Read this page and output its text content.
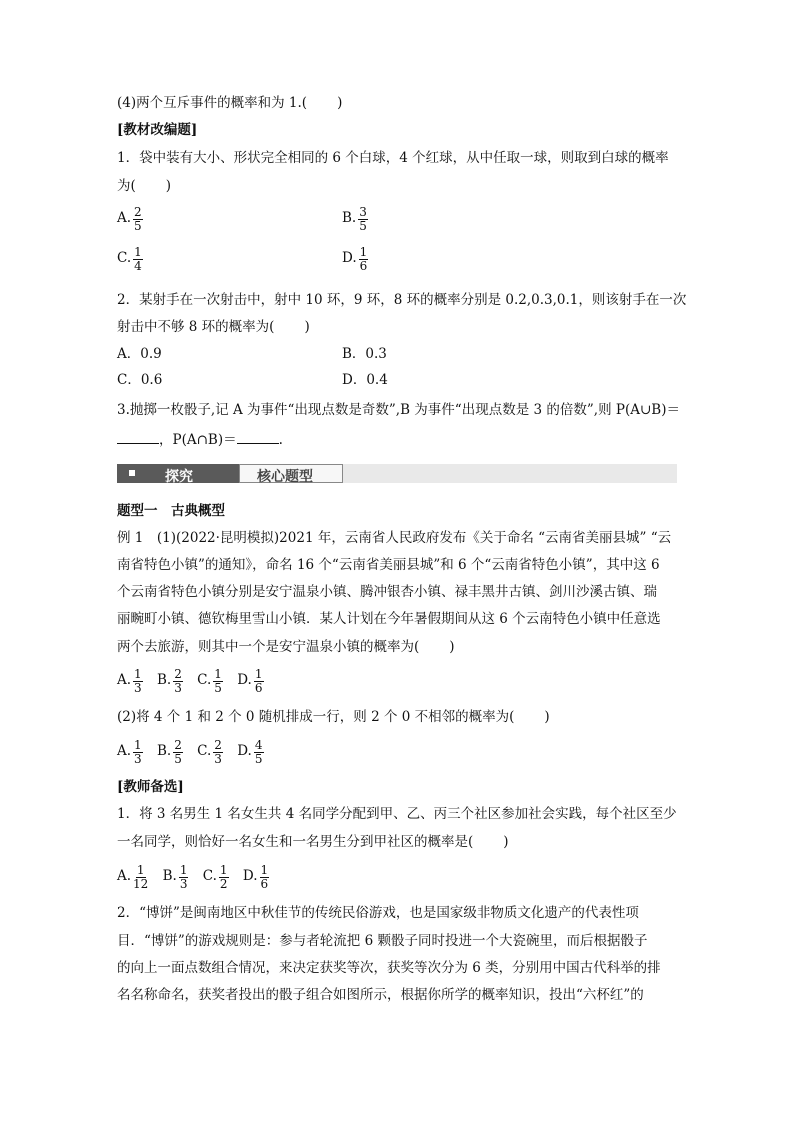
(4)两个互斥事件的概率和为 1.( )
[教材改编题]
1．袋中装有大小、形状完全相同的 6 个白球，4 个红球，从中任取一球，则取到白球的概率
为( )
A. $\frac{2}{5}$	B. $\frac{3}{5}$
C. $\frac{1}{4}$	D. $\frac{1}{6}$
2．某射手在一次射击中，射中 10 环，9 环，8 环的概率分别是 0.2,0.3,0.1，则该射手在一次
射击中不够 8 环的概率为( )
A．0.9	B．0.3
C．0.6	D．0.4
3.抛掷一枚骰子,记 A 为事件“出现点数是奇数”,B 为事件“出现点数是 3 的倍数”,则 P(A∪B)＝
，P(A∩B)＝	.
探究	核心题型
题型一　古典概型
例 1　(1)(2022·昆明模拟)2021 年，云南省人民政府发布《关于命名 “云南省美丽县城” “云
南省特色小镇”的通知》，命名 16 个“云南省美丽县城”和 6 个“云南省特色小镇”，其中这 6
个云南省特色小镇分别是安宁温泉小镇、腾冲银杏小镇、禄丰黑井古镇、剑川沙溪古镇、瑞
丽畹町小镇、德钦梅里雪山小镇．某人计划在今年暑假期间从这 6 个云南特色小镇中任意选
两个去旅游，则其中一个是安宁温泉小镇的概率为( )
A. $\frac{1}{3}$
B. $\frac{2}{3}$
C. $\frac{1}{5}$
D. $\frac{1}{6}$
(2)将 4 个 1 和 2 个 0 随机排成一行，则 2 个 0 不相邻的概率为( )
A. $\frac{1}{3}$
B. $\frac{2}{5}$
C. $\frac{2}{3}$
D. $\frac{4}{5}$
[教师备选]
1．将 3 名男生 1 名女生共 4 名同学分配到甲、乙、丙三个社区参加社会实践，每个社区至少
一名同学，则恰好一名女生和一名男生分到甲社区的概率是( )
A. $\frac{1}{12}$
B. $\frac{1}{3}$
C. $\frac{1}{2}$
D. $\frac{1}{6}$
2．“博饼”是闽南地区中秋佳节的传统民俗游戏，也是国家级非物质文化遗产的代表性项
目．“博饼”的游戏规则是：参与者轮流把 6 颗骰子同时投进一个大瓷碗里，而后根据骰子
的向上一面点数组合情况，来决定获奖等次，获奖等次分为 6 类，分别用中国古代科举的排
名名称命名，获奖者投出的骰子组合如图所示，根据你所学的概率知识，投出“六杯红”的
